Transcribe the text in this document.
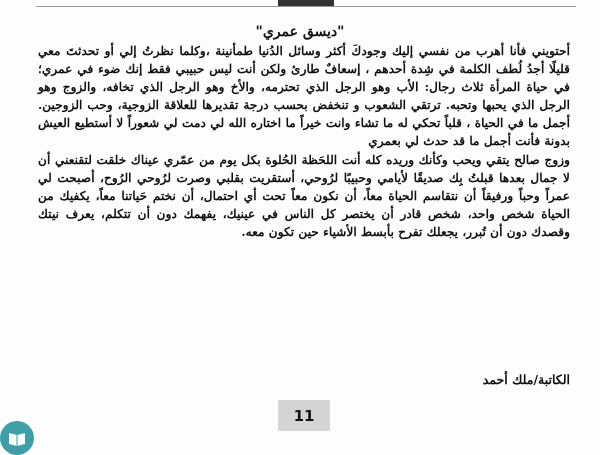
"ديسق عمري"

أحتويني فأنا أهرب من نفسي إليك وجودكَ أكثر وسائل الدُنيا طمأنينة ،وكلما نظرتُ إلي أو تحدثتَ معي قليلًا أجدُ لُطف الكلمة في شِدة أحدهم ، إسعافٌ طارئ ولكن أنت ليس حبيبي فقط إنك ضوء في عمري؛ في حياة المرأة ثلاث رجال: الأب وهو الرجل الذي تحترمه، والأخ وهو الرجل الذي تخافه، والزوج وهو الرجل الذي يحبها وتحبه. ترتقي الشعوب و تنخفض بحسب درجة تقديرها للعلاقة الزوجية، وحب الزوجين. أجمل ما في الحياة ، قلباً تحكي له ما تشاء وانت خيراً ما اختاره الله لي دمت لي شعوراً لا أستطيع العيش بدونة فأنت أجمل ما قد حدث لي بعمري

وزوج صالح يتقي ويحب وكأنك وريده كله أنت اللحَظة الحُلوة بكل يوم من عمّري عيناك خلقت لتقنعني أن لا جمال بعدها قبلتُ بِك صديقًا لأيامي وحبيبًا لرُوحي، أستقريت بقلبي وصرت لرُوحي الرُوح، أصبحت لي عمراً وحباً ورفيقاً أن نتقاسم الحياة معاً، أن نكون معاً تحت أي احتمال، أن نختم حَياتنا معاً، يكفيك من الحياة شخص واحد، شخص قادر أن يختصر كل الناس في عينيك، يفهمك دون أن تتكلم، يعرف نيتك وقصدك دون أن تُبرر، يجعلك تفرح بأبسط الأشياء حين تكون معه.

الكاتبة/ملك أحمد
11
